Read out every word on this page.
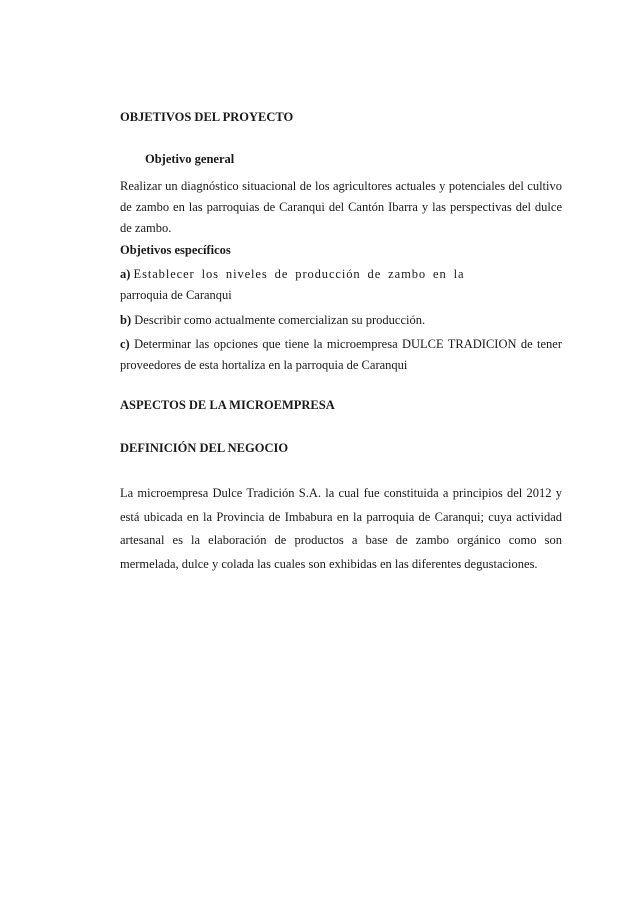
OBJETIVOS DEL PROYECTO

Objetivo general

Realizar un diagnóstico situacional de los agricultores actuales y potenciales del cultivo de zambo en las parroquias de Caranqui del Cantón Ibarra y las perspectivas del dulce de zambo.

Objetivos específicos

a) Establecer los niveles de producción de zambo en la
parroquia de Caranqui

b) Describir como actualmente comercializan su producción.

c) Determinar las opciones que tiene la microempresa DULCE TRADICION de tener proveedores de esta hortaliza en la parroquia de Caranqui

ASPECTOS DE LA MICROEMPRESA

DEFINICIÓN DEL NEGOCIO

La microempresa Dulce Tradición S.A. la cual fue constituida a principios del 2012 y está ubicada en la Provincia de Imbabura en la parroquia de Caranqui; cuya actividad artesanal es la elaboración de productos a base de zambo orgánico como son mermelada, dulce y colada las cuales son exhibidas en las diferentes degustaciones.
